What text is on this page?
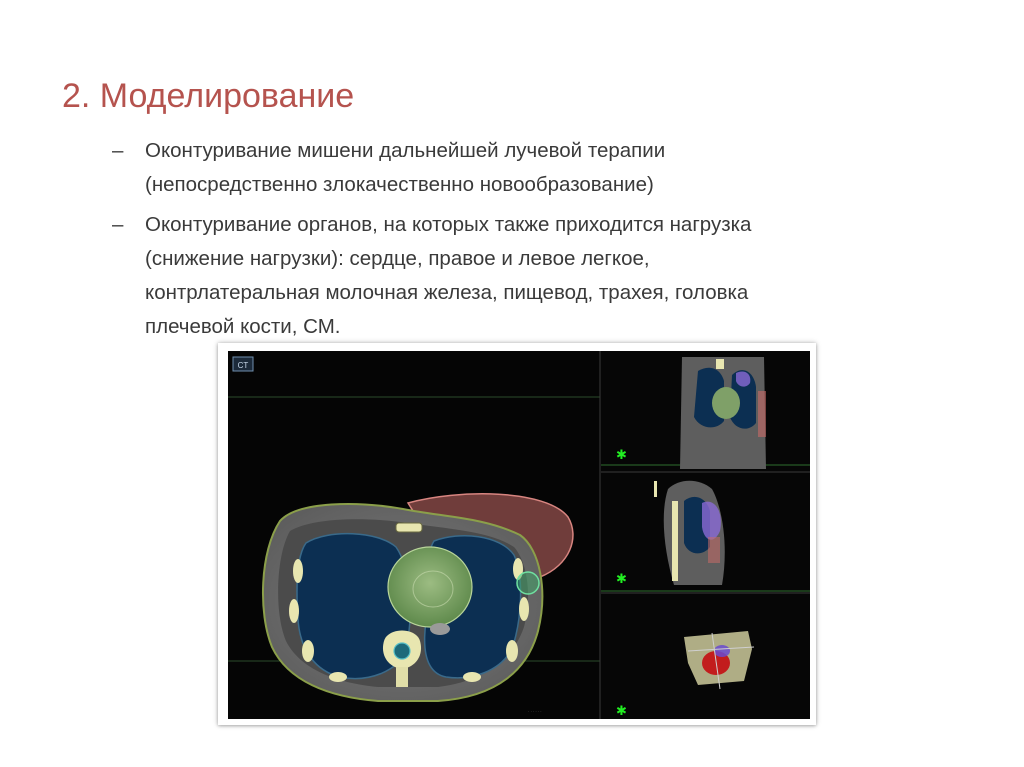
2. Моделирование
– Оконтуривание мишени дальнейшей лучевой терапии
(непосредственно злокачественно новообразование)
– Оконтуривание органов, на которых также приходится нагрузка
(снижение нагрузки): сердце, правое и левое легкое,
контрлатеральная молочная железа, пищевод, трахея, головка
плечевой кости, СМ.
CT
· · · · · ·
✱
✱
✱
